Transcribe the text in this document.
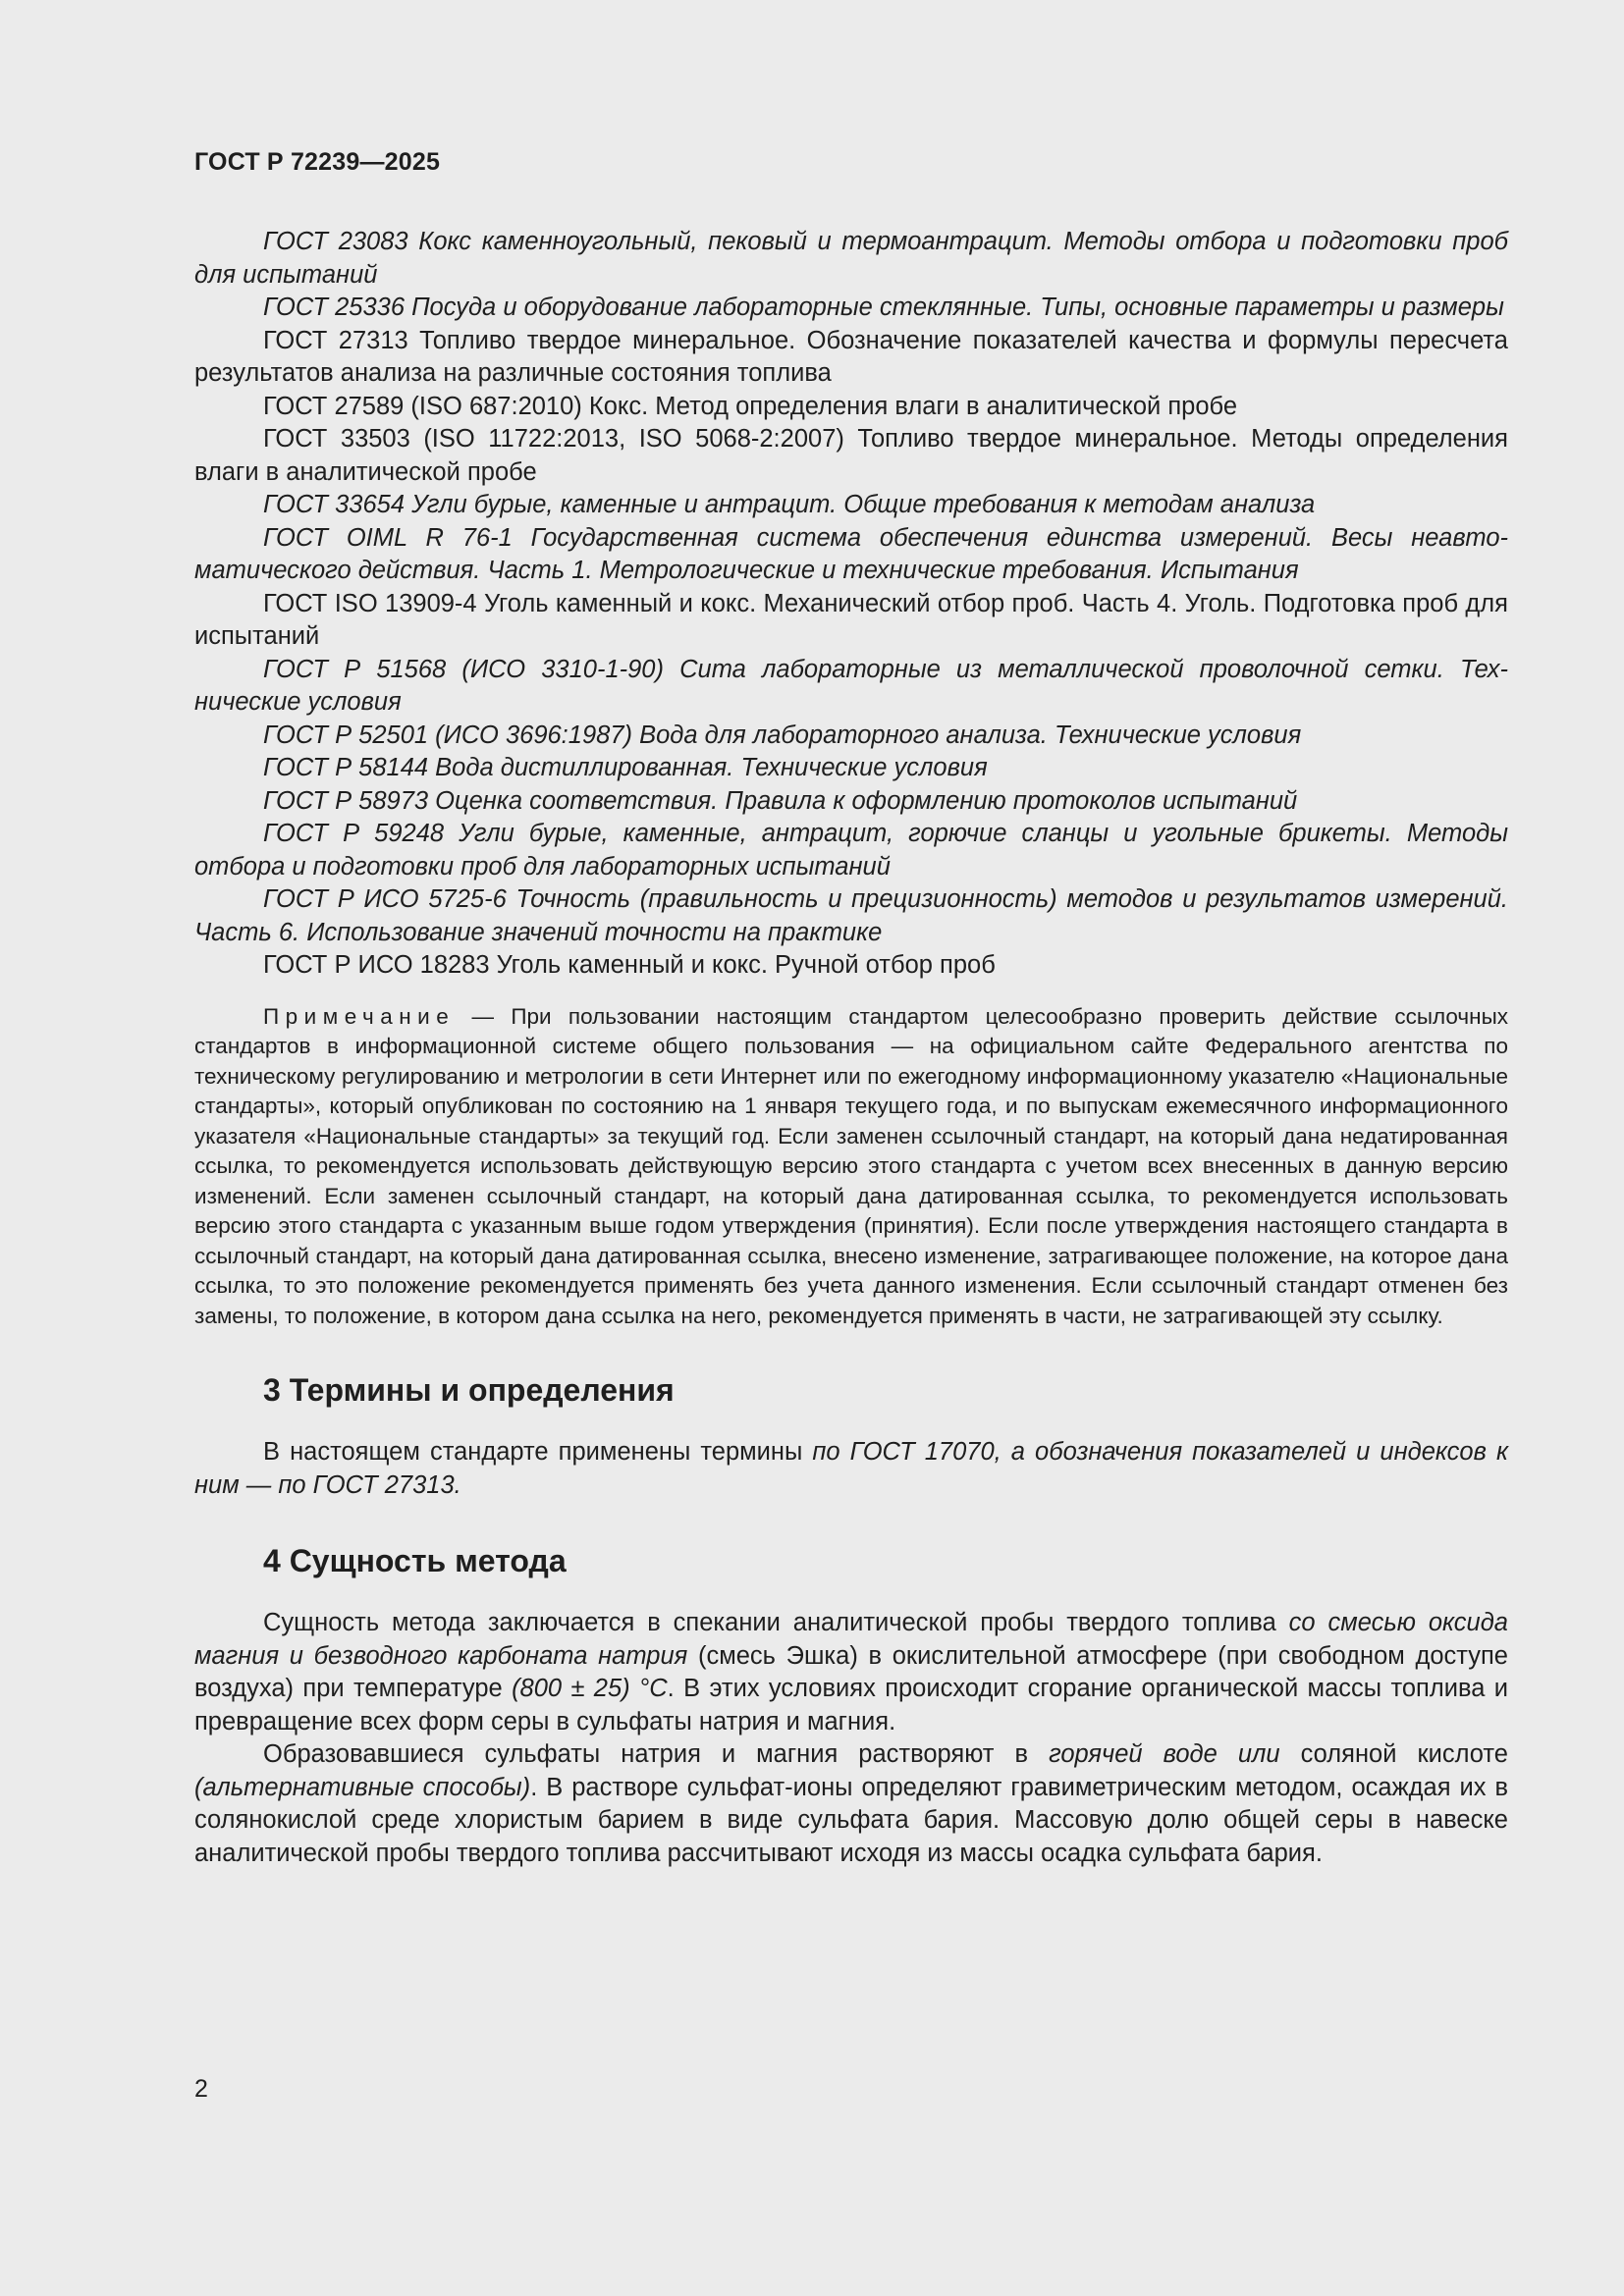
ГОСТ Р 72239—2025

ГОСТ 23083 Кокс каменноугольный, пековый и термоантрацит. Методы отбора и подготовки проб для испытаний

ГОСТ 25336 Посуда и оборудование лабораторные стеклянные. Типы, основные параметры и размеры

ГОСТ 27313 Топливо твердое минеральное. Обозначение показателей качества и формулы пересчета результатов анализа на различные состояния топлива

ГОСТ 27589 (ISO 687:2010) Кокс. Метод определения влаги в аналитической пробе

ГОСТ 33503 (ISO 11722:2013, ISO 5068-2:2007) Топливо твердое минеральное. Методы определения влаги в аналитической пробе

ГОСТ 33654 Угли бурые, каменные и антрацит. Общие требования к методам анализа

ГОСТ OIML R 76-1 Государственная система обеспечения единства измерений. Весы неавтоматического действия. Часть 1. Метрологические и технические требования. Испытания

ГОСТ ISO 13909-4 Уголь каменный и кокс. Механический отбор проб. Часть 4. Уголь. Подготовка проб для испытаний

ГОСТ Р 51568 (ИСО 3310-1-90) Сита лабораторные из металлической проволочной сетки. Технические условия

ГОСТ Р 52501 (ИСО 3696:1987) Вода для лабораторного анализа. Технические условия

ГОСТ Р 58144 Вода дистиллированная. Технические условия

ГОСТ Р 58973 Оценка соответствия. Правила к оформлению протоколов испытаний

ГОСТ Р 59248 Угли бурые, каменные, антрацит, горючие сланцы и угольные брикеты. Методы отбора и подготовки проб для лабораторных испытаний

ГОСТ Р ИСО 5725-6 Точность (правильность и прецизионность) методов и результатов измерений. Часть 6. Использование значений точности на практике

ГОСТ Р ИСО 18283 Уголь каменный и кокс. Ручной отбор проб

Примечание — При пользовании настоящим стандартом целесообразно проверить действие ссылочных стандартов в информационной системе общего пользования — на официальном сайте Федерального агентства по техническому регулированию и метрологии в сети Интернет или по ежегодному информационному указателю «Национальные стандарты», который опубликован по состоянию на 1 января текущего года, и по выпускам ежемесячного информационного указателя «Национальные стандарты» за текущий год. Если заменен ссылочный стандарт, на который дана недатированная ссылка, то рекомендуется использовать действующую версию этого стандарта с учетом всех внесенных в данную версию изменений. Если заменен ссылочный стандарт, на который дана датированная ссылка, то рекомендуется использовать версию этого стандарта с указанным выше годом утверждения (принятия). Если после утверждения настоящего стандарта в ссылочный стандарт, на который дана датированная ссылка, внесено изменение, затрагивающее положение, на которое дана ссылка, то это положение рекомендуется применять без учета данного изменения. Если ссылочный стандарт отменен без замены, то положение, в котором дана ссылка на него, рекомендуется применять в части, не затрагивающей эту ссылку.

3 Термины и определения

В настоящем стандарте применены термины по ГОСТ 17070, а обозначения показателей и индексов к ним — по ГОСТ 27313.

4 Сущность метода

Сущность метода заключается в спекании аналитической пробы твердого топлива со смесью оксида магния и безводного карбоната натрия (смесь Эшка) в окислительной атмосфере (при свободном доступе воздуха) при температуре (800 ± 25) °С. В этих условиях происходит сгорание органической массы топлива и превращение всех форм серы в сульфаты натрия и магния.

Образовавшиеся сульфаты натрия и магния растворяют в горячей воде или соляной кислоте (альтернативные способы). В растворе сульфат-ионы определяют гравиметрическим методом, осаждая их в солянокислой среде хлористым барием в виде сульфата бария. Массовую долю общей серы в навеске аналитической пробы твердого топлива рассчитывают исходя из массы осадка сульфата бария.

2
